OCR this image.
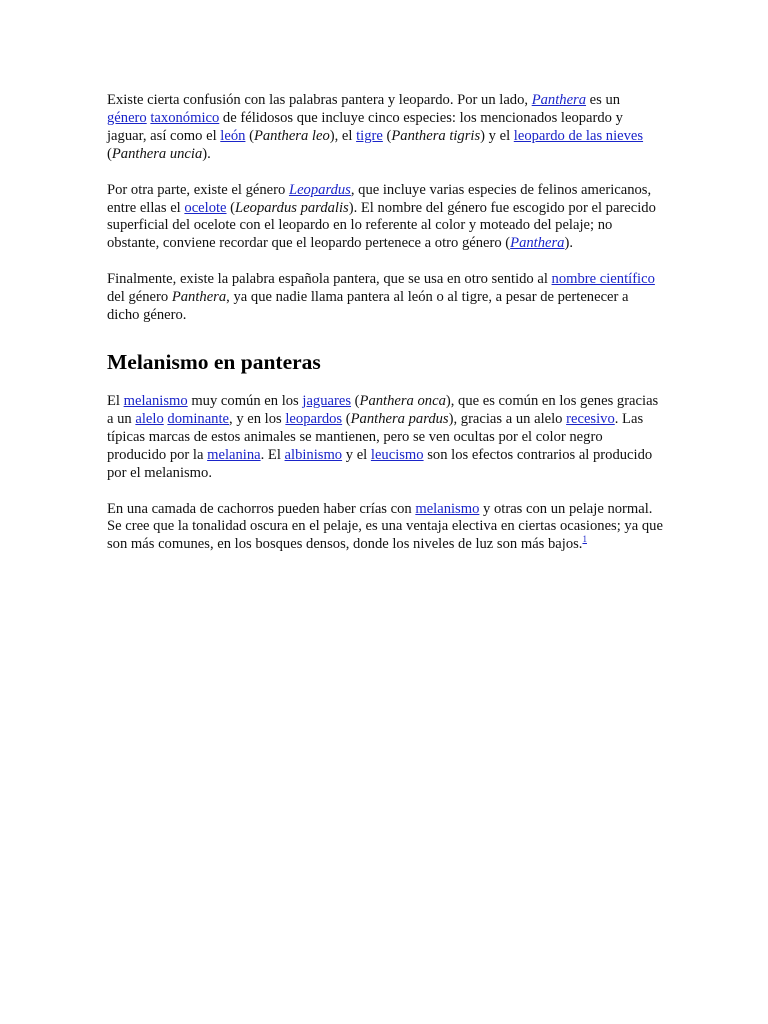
Existe cierta confusión con las palabras pantera y leopardo. Por un lado, Panthera es un género taxonómico de félidosos que incluye cinco especies: los mencionados leopardo y jaguar, así como el león (Panthera leo), el tigre (Panthera tigris) y el leopardo de las nieves (Panthera uncia).

Por otra parte, existe el género Leopardus, que incluye varias especies de felinos americanos, entre ellas el ocelote (Leopardus pardalis). El nombre del género fue escogido por el parecido superficial del ocelote con el leopardo en lo referente al color y moteado del pelaje; no obstante, conviene recordar que el leopardo pertenece a otro género (Panthera).

Finalmente, existe la palabra española pantera, que se usa en otro sentido al nombre científico del género Panthera, ya que nadie llama pantera al león o al tigre, a pesar de pertenecer a dicho género.

Melanismo en panteras

El melanismo muy común en los jaguares (Panthera onca), que es común en los genes gracias a un alelo dominante, y en los leopardos (Panthera pardus), gracias a un alelo recesivo. Las típicas marcas de estos animales se mantienen, pero se ven ocultas por el color negro producido por la melanina. El albinismo y el leucismo son los efectos contrarios al producido por el melanismo.

En una camada de cachorros pueden haber crías con melanismo y otras con un pelaje normal. Se cree que la tonalidad oscura en el pelaje, es una ventaja electiva en ciertas ocasiones; ya que son más comunes, en los bosques densos, donde los niveles de luz son más bajos.$^1$
